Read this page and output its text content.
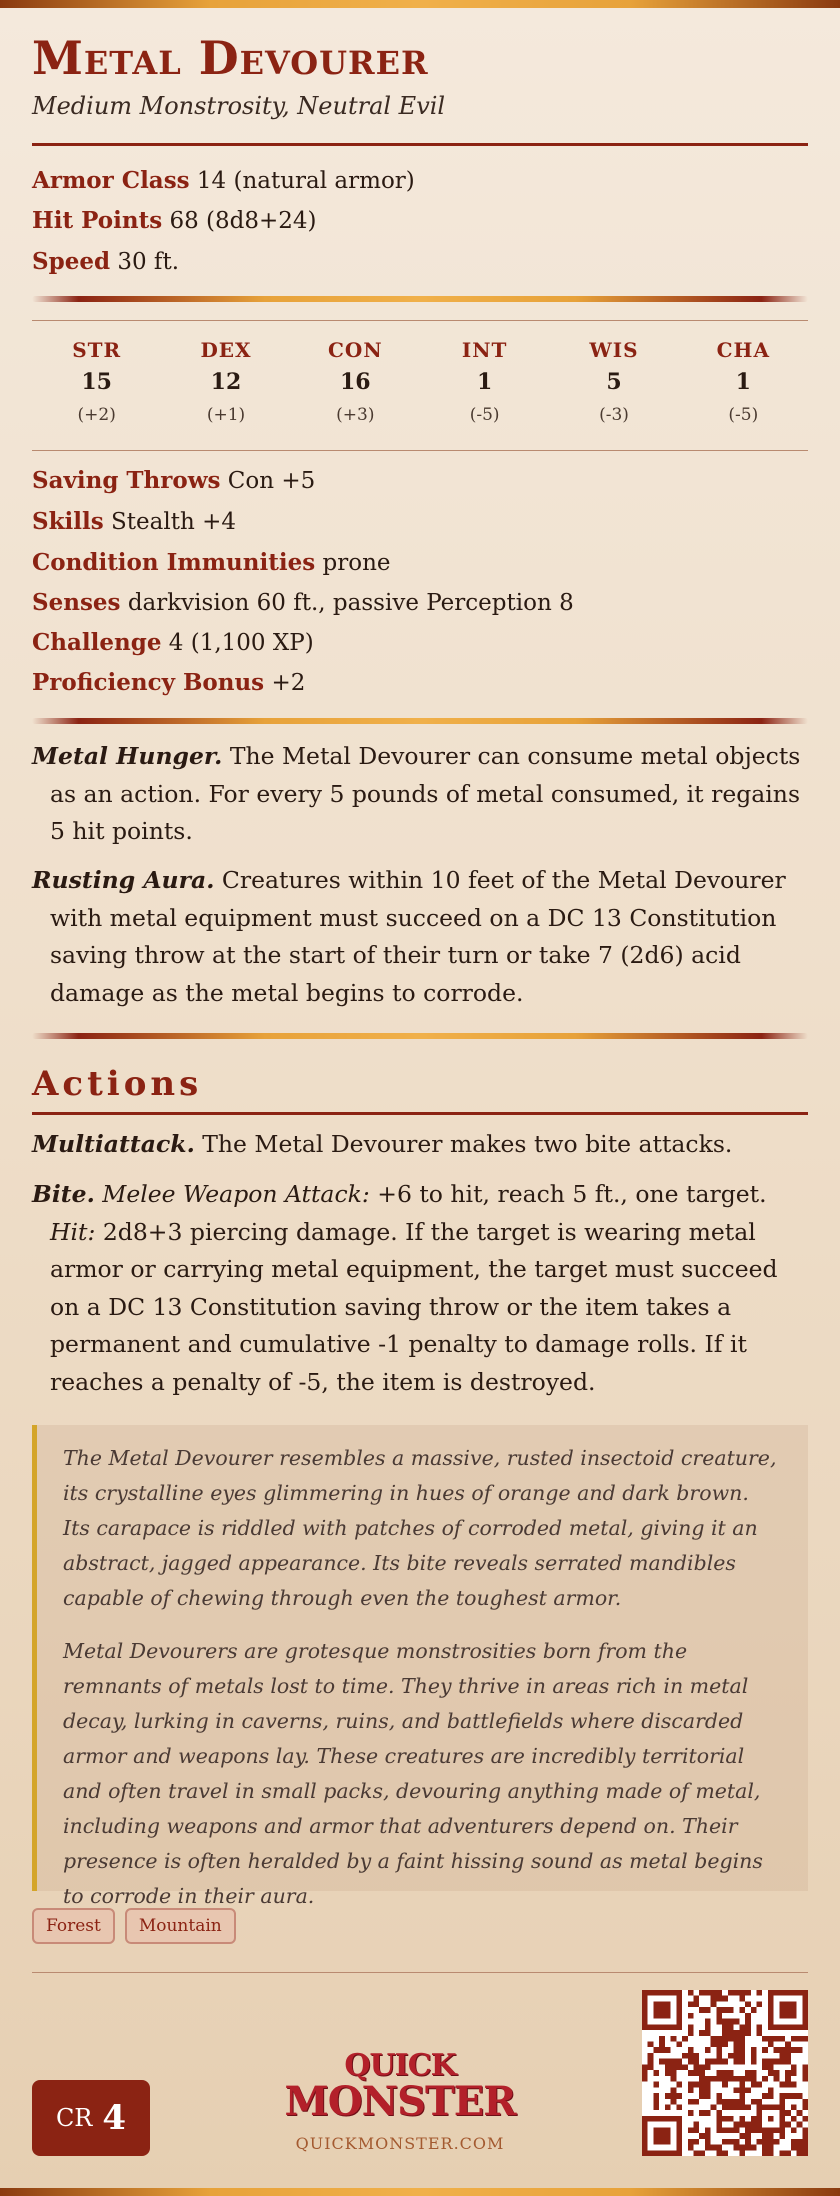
Metal Devourer
Medium Monstrosity, Neutral Evil
Armor Class 14 (natural armor)
Hit Points 68 (8d8+24)
Speed 30 ft.
STR
15
(+2)
DEX
12
(+1)
CON
16
(+3)
INT
1
(-5)
WIS
5
(-3)
CHA
1
(-5)
Saving Throws Con +5
Skills Stealth +4
Condition Immunities prone
Senses darkvision 60 ft., passive Perception 8
Challenge 4 (1,100 XP)
Proficiency Bonus +2
Metal Hunger. The Metal Devourer can consume metal objects as an action. For every 5 pounds of metal consumed, it regains 5 hit points.
Rusting Aura. Creatures within 10 feet of the Metal Devourer with metal equipment must succeed on a DC 13 Constitution saving throw at the start of their turn or take 7 (2d6) acid damage as the metal begins to corrode.
Actions
Multiattack. The Metal Devourer makes two bite attacks.
Bite. Melee Weapon Attack: +6 to hit, reach 5 ft., one target. Hit: 2d8+3 piercing damage. If the target is wearing metal armor or carrying metal equipment, the target must succeed on a DC 13 Constitution saving throw or the item takes a permanent and cumulative -1 penalty to damage rolls. If it reaches a penalty of -5, the item is destroyed.

The Metal Devourer resembles a massive, rusted insectoid creature, its crystalline eyes glimmering in hues of orange and dark brown. Its carapace is riddled with patches of corroded metal, giving it an abstract, jagged appearance. Its bite reveals serrated mandibles capable of chewing through even the toughest armor.

Metal Devourers are grotesque monstrosities born from the remnants of metals lost to time. They thrive in areas rich in metal decay, lurking in caverns, ruins, and battlefields where discarded armor and weapons lay. These creatures are incredibly territorial and often travel in small packs, devouring anything made of metal, including weapons and armor that adventurers depend on. Their presence is often heralded by a faint hissing sound as metal begins to corrode in their aura.

Forest	Mountain
CR 4
QUICK
MONSTER
QUICKMONSTER.COM
